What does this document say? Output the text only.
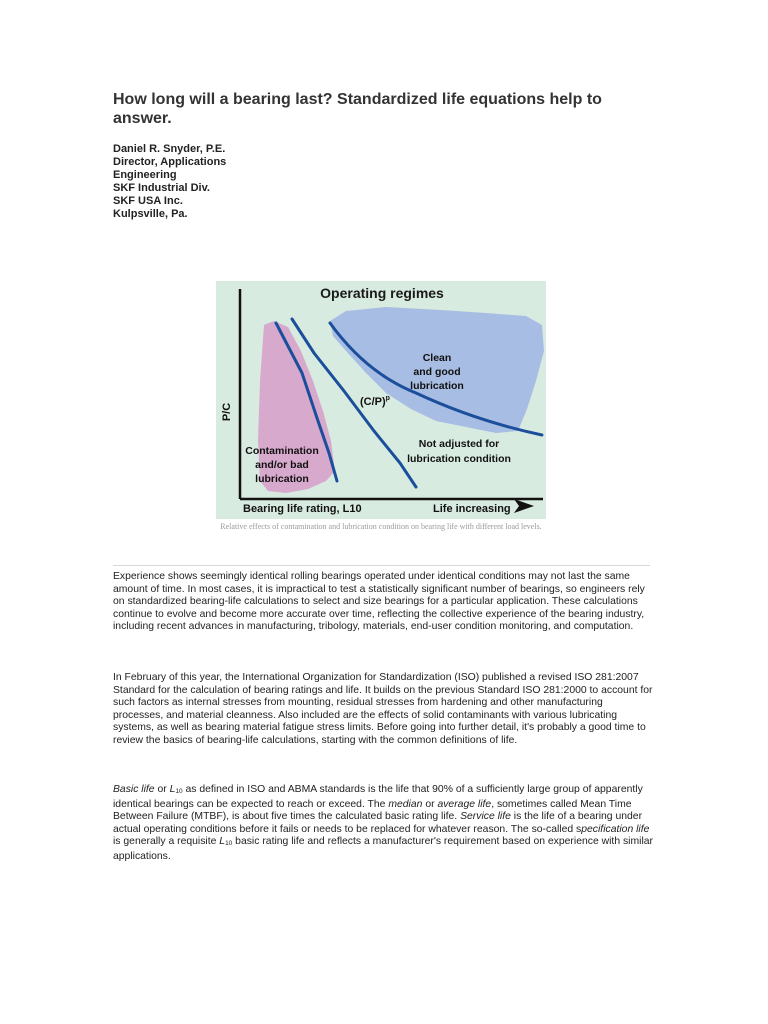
How long will a bearing last? Standardized life equations help to answer.
Daniel R. Snyder, P.E.
Director, Applications
Engineering
SKF Industrial Div.
SKF USA Inc.
Kulpsville, Pa.
Operating regimes
P/C
Clean
and good
lubrication
Contamination
and/or bad
lubrication
Not adjusted for
lubrication condition
$(C/P)^p$
Bearing life rating, L10	Life increasing
Relative effects of contamination and lubrication condition on bearing life with different load levels.

Experience shows seemingly identical rolling bearings operated under identical conditions may not last the same amount of time. In most cases, it is impractical to test a statistically significant number of bearings, so engineers rely on standardized bearing-life calculations to select and size bearings for a particular application. These calculations continue to evolve and become more accurate over time, reflecting the collective experience of the bearing industry, including recent advances in manufacturing, tribology, materials, end-user condition monitoring, and computation.

In February of this year, the International Organization for Standardization (ISO) published a revised ISO 281:2007 Standard for the calculation of bearing ratings and life. It builds on the previous Standard ISO 281:2000 to account for such factors as internal stresses from mounting, residual stresses from hardening and other manufacturing processes, and material cleanness. Also included are the effects of solid contaminants with various lubricating systems, as well as bearing material fatigue stress limits. Before going into further detail, it's probably a good time to review the basics of bearing-life calculations, starting with the common definitions of life.

Basic life or L10 as defined in ISO and ABMA standards is the life that 90% of a sufficiently large group of apparently identical bearings can be expected to reach or exceed. The median or average life, sometimes called Mean Time Between Failure (MTBF), is about five times the calculated basic rating life. Service life is the life of a bearing under actual operating conditions before it fails or needs to be replaced for whatever reason. The so-called specification life is generally a requisite L10 basic rating life and reflects a manufacturer's requirement based on experience with similar applications.
